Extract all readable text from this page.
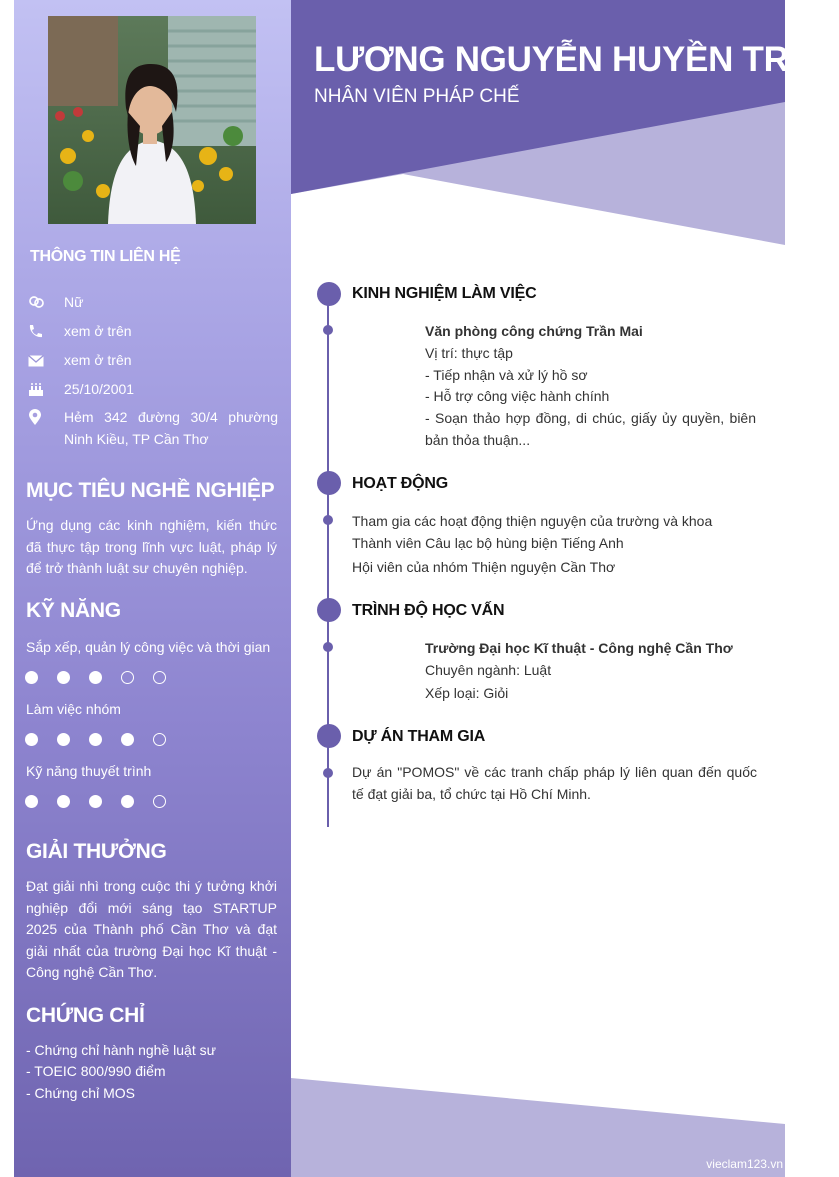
THÔNG TIN LIÊN HỆ
Nữ
xem ở trên
xem ở trên
25/10/2001
Hẻm 342 đường 30/4 phường Ninh Kiều, TP Cần Thơ
MỤC TIÊU NGHỀ NGHIỆP

Ứng dụng các kinh nghiệm, kiến thức đã thực tập trong lĩnh vực luật, pháp lý để trở thành luật sư chuyên nghiệp.

KỸ NĂNG
Sắp xếp, quản lý công việc và thời gian
Làm việc nhóm
Kỹ năng thuyết trình
GIẢI THƯỞNG

Đạt giải nhì trong cuộc thi ý tưởng khởi nghiệp đổi mới sáng tạo STARTUP 2025 của Thành phố Cần Thơ và đạt giải nhất của trường Đại học Kĩ thuật - Công nghệ Cần Thơ.

CHỨNG CHỈ
- Chứng chỉ hành nghề luật sư
- TOEIC 800/990 điểm
- Chứng chỉ MOS
LƯƠNG NGUYỄN HUYỀN TRÂN
NHÂN VIÊN PHÁP CHẾ
KINH NGHIỆM LÀM VIỆC
Văn phòng công chứng Trần Mai
Vị trí: thực tập
- Tiếp nhận và xử lý hồ sơ
- Hỗ trợ công việc hành chính
- Soạn thảo hợp đồng, di chúc, giấy ủy quyền, biên bản thỏa thuận...
HOẠT ĐỘNG
Tham gia các hoạt động thiện nguyện của trường và khoa
Thành viên Câu lạc bộ hùng biện Tiếng Anh
Hội viên của nhóm Thiện nguyện Cần Thơ
TRÌNH ĐỘ HỌC VẤN
Trường Đại học Kĩ thuật - Công nghệ Cần Thơ
Chuyên ngành: Luật
Xếp loại: Giỏi
DỰ ÁN THAM GIA
Dự án "POMOS" về các tranh chấp pháp lý liên quan đến quốc tế đạt giải ba, tổ chức tại Hồ Chí Minh.
vieclam123.vn
